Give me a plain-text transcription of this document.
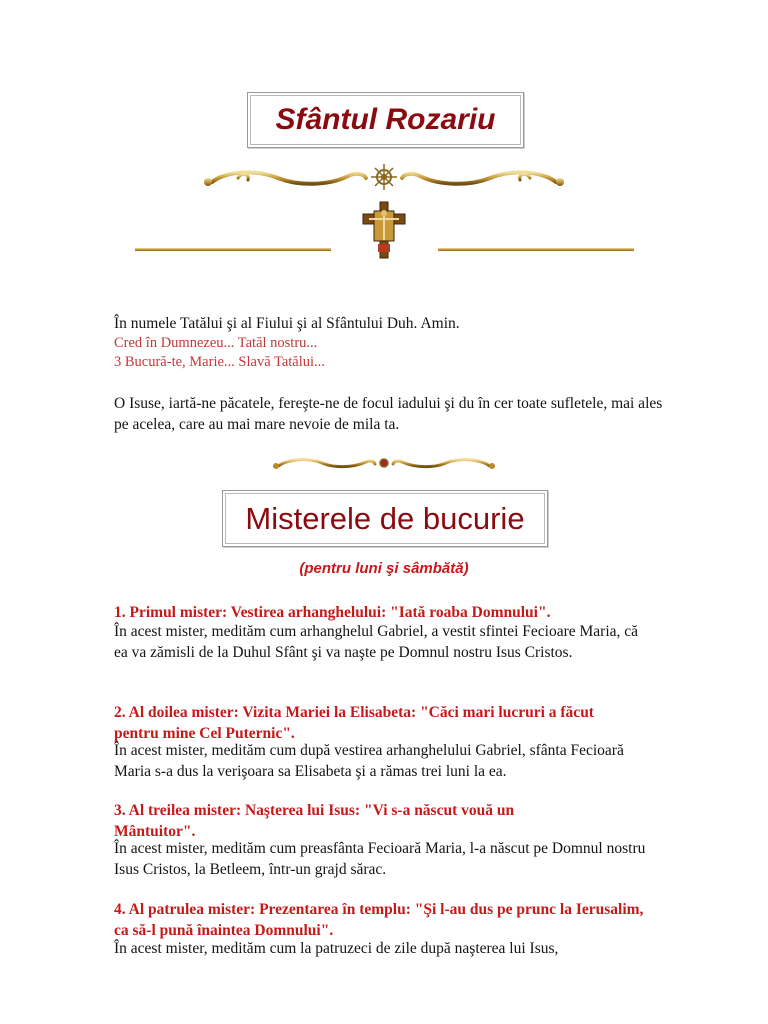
Sfântul Rozariu
În numele Tatălui şi al Fiului şi al Sfântului Duh. Amin.
Cred în Dumnezeu... Tatăl nostru...
3 Bucură-te, Marie... Slavă Tatălui...
O Isuse, iartă-ne păcatele, fereşte-ne de focul iadului şi du în cer toate sufletele, mai ales pe acelea, care au mai mare nevoie de mila ta.
Misterele de bucurie
(pentru luni şi sâmbătă)
1. Primul mister: Vestirea arhanghelului: "Iată roaba Domnului".
În acest mister, medităm cum arhanghelul Gabriel, a vestit sfintei Fecioare Maria, că ea va zămisli de la Duhul Sfânt şi va naşte pe Domnul nostru Isus Cristos.
2. Al doilea mister: Vizita Mariei la Elisabeta: "Căci mari lucruri a făcut pentru mine Cel Puternic".
În acest mister, medităm cum după vestirea arhanghelului Gabriel, sfânta Fecioară Maria s-a dus la verişoara sa Elisabeta şi a rămas trei luni la ea.
3. Al treilea mister: Naşterea lui Isus: "Vi s-a născut vouă un Mântuitor".
În acest mister, medităm cum preasfânta Fecioară Maria, l-a născut pe Domnul nostru Isus Cristos, la Betleem, într-un grajd sărac.
4. Al patrulea mister: Prezentarea în templu: "Şi l-au dus pe prunc la Ierusalim, ca să-l pună înaintea Domnului".
În acest mister, medităm cum la patruzeci de zile după naşterea lui Isus,
